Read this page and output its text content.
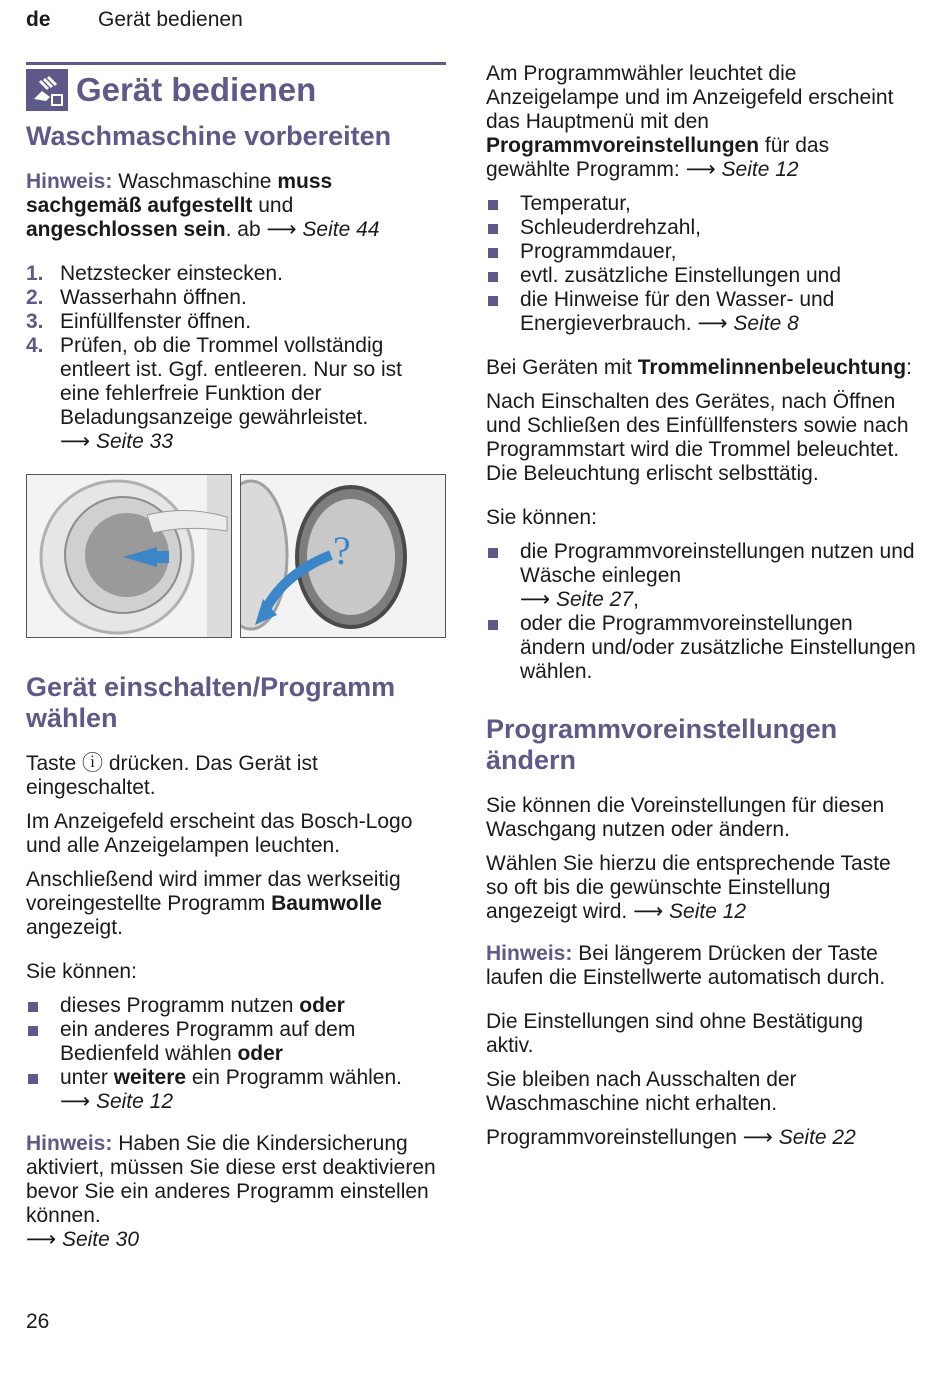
de Gerät bedienen
Gerät bedienen

Waschmaschine vorbereiten

Hinweis: Waschmaschine muss sachgemäß aufgestellt und angeschlossen sein. ab ⟶ Seite 44

1. Netzstecker einstecken.
2. Wasserhahn öffnen.
3. Einfüllfenster öffnen.
4. Prüfen, ob die Trommel vollständig entleert ist. Ggf. entleeren. Nur so ist eine fehlerfreie Funktion der Beladungsanzeige gewährleistet.
⟶ Seite 33
?

Gerät einschalten/Programm wählen

Taste ⓘ drücken. Das Gerät ist eingeschaltet.

Im Anzeigefeld erscheint das Bosch-Logo und alle Anzeigelampen leuchten.

Anschließend wird immer das werkseitig voreingestellte Programm Baumwolle angezeigt.

Sie können:

dieses Programm nutzen oder
ein anderes Programm auf dem Bedienfeld wählen oder
unter weitere ein Programm wählen.
⟶ Seite 12

Hinweis: Haben Sie die Kindersicherung aktiviert, müssen Sie diese erst deaktivieren bevor Sie ein anderes Programm einstellen können.
⟶ Seite 30

Am Programmwähler leuchtet die Anzeigelampe und im Anzeigefeld erscheint das Hauptmenü mit den Programmvoreinstellungen für das gewählte Programm: ⟶ Seite 12

Temperatur,
Schleuderdrehzahl,
Programmdauer,
evtl. zusätzliche Einstellungen und
die Hinweise für den Wasser- und Energieverbrauch. ⟶ Seite 8

Bei Geräten mit Trommelinnenbeleuchtung:

Nach Einschalten des Gerätes, nach Öffnen und Schließen des Einfüllfensters sowie nach Programmstart wird die Trommel beleuchtet. Die Beleuchtung erlischt selbsttätig.

Sie können:

die Programmvoreinstellungen nutzen und Wäsche einlegen
⟶ Seite 27,
oder die Programmvoreinstellungen ändern und/oder zusätzliche Einstellungen wählen.

Programmvoreinstellungen ändern

Sie können die Voreinstellungen für diesen Waschgang nutzen oder ändern.

Wählen Sie hierzu die entsprechende Taste so oft bis die gewünschte Einstellung angezeigt wird. ⟶ Seite 12

Hinweis: Bei längerem Drücken der Taste laufen die Einstellwerte automatisch durch.

Die Einstellungen sind ohne Bestätigung aktiv.

Sie bleiben nach Ausschalten der Waschmaschine nicht erhalten.

Programmvoreinstellungen ⟶ Seite 22

26
